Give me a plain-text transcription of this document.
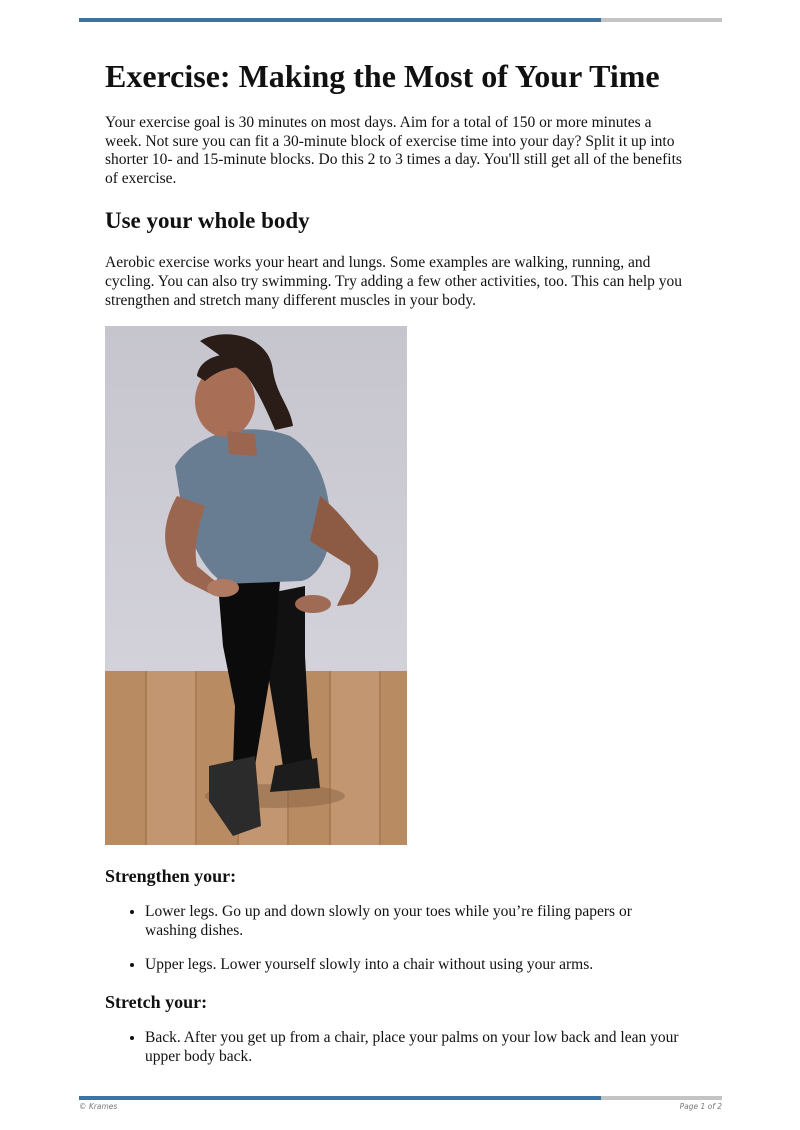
Exercise: Making the Most of Your Time

Your exercise goal is 30 minutes on most days. Aim for a total of 150 or more minutes a week. Not sure you can fit a 30-minute block of exercise time into your day? Split it up into shorter 10- and 15-minute blocks. Do this 2 to 3 times a day. You'll still get all of the benefits of exercise.

Use your whole body

Aerobic exercise works your heart and lungs. Some examples are walking, running, and cycling. You can also try swimming. Try adding a few other activities, too. This can help you strengthen and stretch many different muscles in your body.

Strengthen your:
• Lower legs. Go up and down slowly on your toes while you’re filing papers or washing dishes.
• Upper legs. Lower yourself slowly into a chair without using your arms.
Stretch your:
• Back. After you get up from a chair, place your palms on your low back and lean your upper body back.
© Krames	Page 1 of 2
